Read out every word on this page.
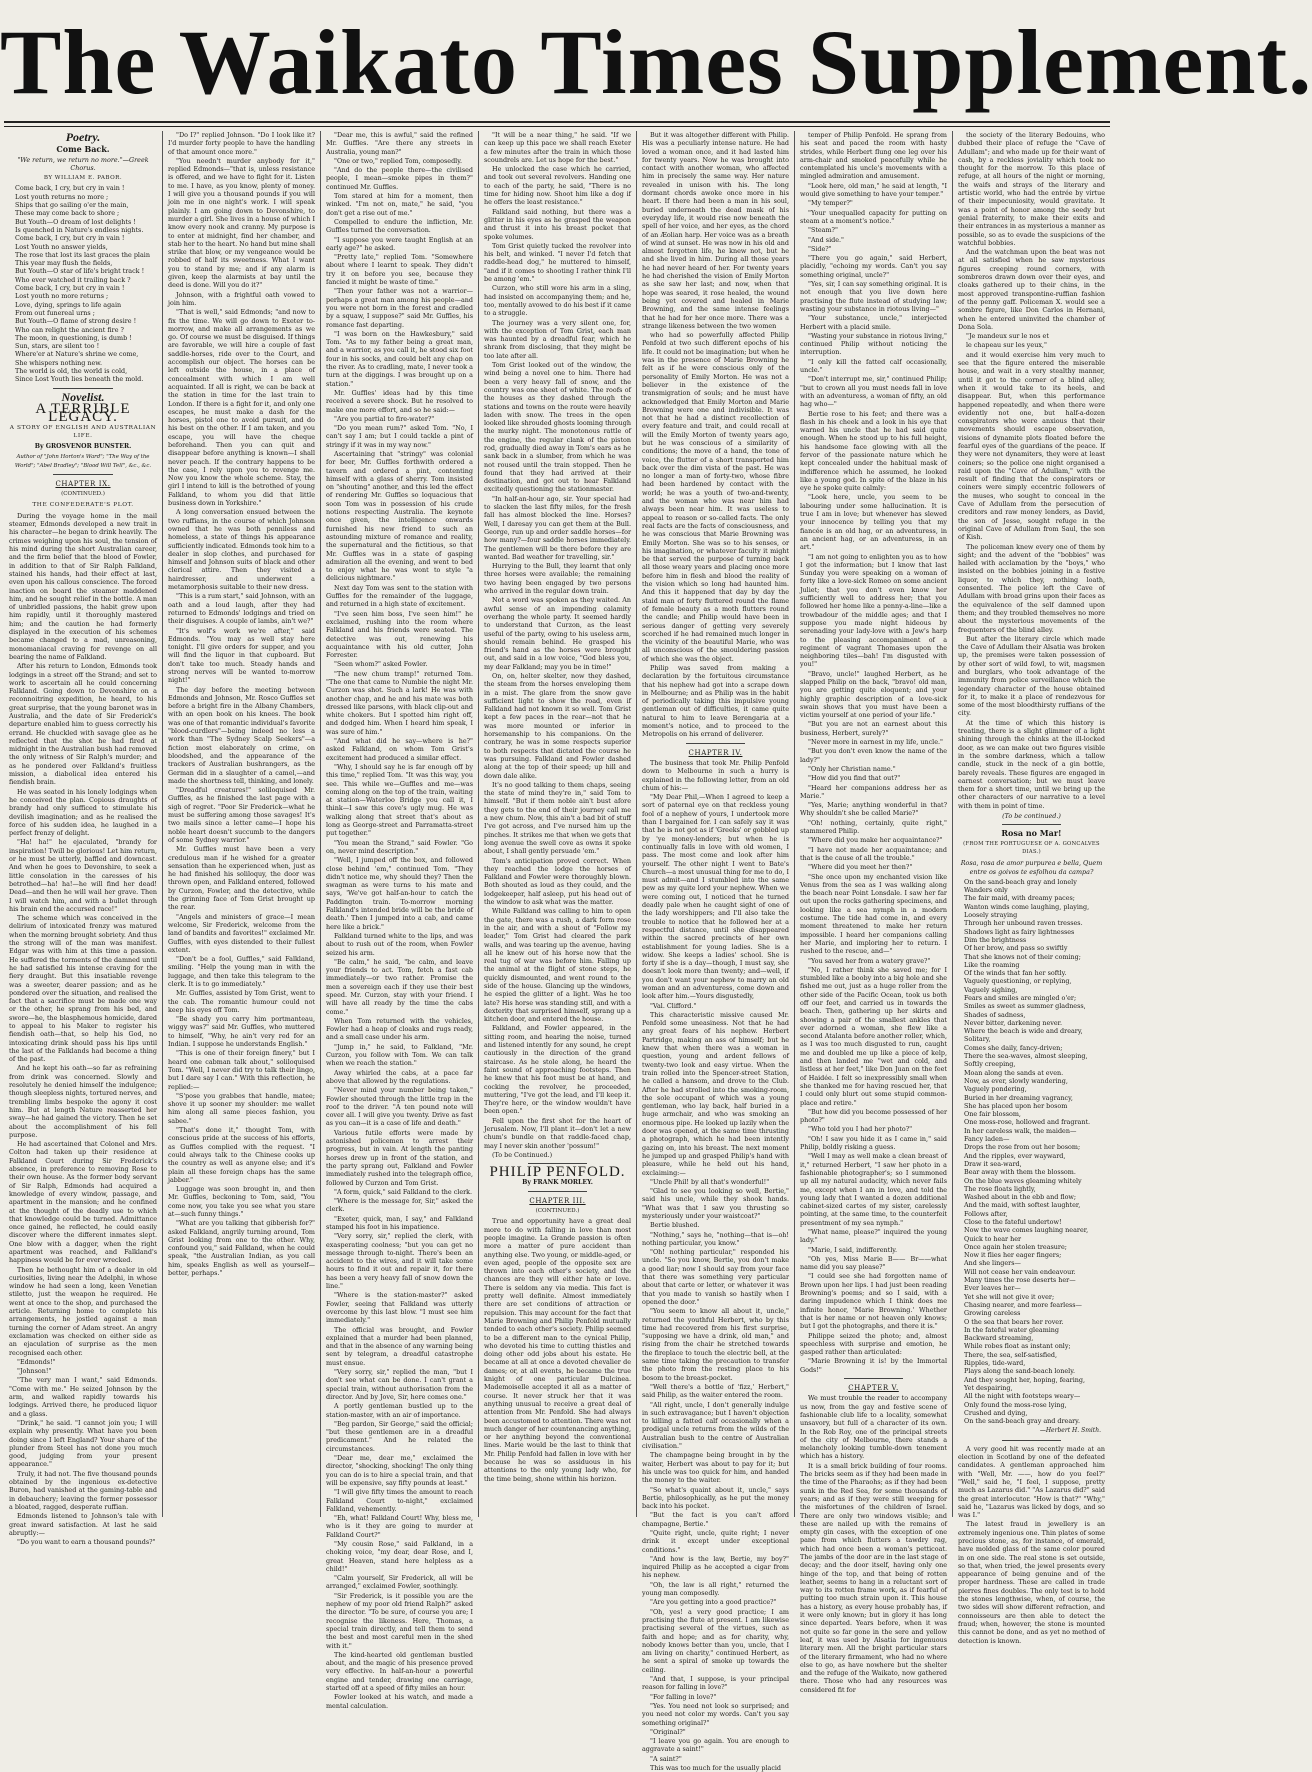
The Waikato Times Supplement.
Poetry.
Come Back.
"We return, we return no more."—Greek Chorus.
BY WILLIAM E. PABOR.
Come back, I cry, but cry in vain !
Lost youth returns no more ;
Ships that go sailing o'er the main,
These may come back to shore ;
But Youth—O dream of lost delights !
Is quenched in Nature's endless nights.
Come back, I cry, but cry in vain !
Lost Youth no answer yields,
The rose that lost its last graces the plain
This year may flush the fields,
But Youth—O star of life's bright track !
Who ever watched it trailing back ?
Come back, I cry, but cry in vain !
Lost youth no more returns ;
Love, dying, springs to life again
From out funereal urns ;
But Youth—O flame of strong desire !
Who can relight the ancient fire ?
The moon, in questioning, is dumb !
Sun, stars, are silent too !
Where'er at Nature's shrine we come,
She whispers nothing new.
The world is old, the world is cold,
Since Lost Youth lies beneath the mold.
Novelist.
A TERRIBLE LEGACY.
A STORY OF ENGLISH AND AUSTRALIAN LIFE.
By GROSVENOR BUNSTER.
Author of "John Horton's Ward"; "The Way of the World"; "Abel Bradley"; "Blood Will Tell", &c., &c.
CHAPTER IX.
(CONTINUED.)
THE CONFEDERATE'S PLOT.

During the voyage home in the mail steamer, Edmonds developed a new trait in his character—he began to drink heavily. The crimes weighing upon his soul, the tension of his mind during the short Australian career, and the firm belief that the blood of Fowler, in addition to that of Sir Ralph Falkland, stained his hands, had their effect at last, even upon his callous conscience. The forced inaction on board the steamer maddened him, and he sought relief in the bottle. A man of unbridled passions, the habit grew upon him rapidly, until it thoroughly mastered him; and the caution he had formerly displayed in the execution of his schemes became changed to a mad, unreasoning, monomaniacal craving for revenge on all bearing the name of Falkland.

After his return to London, Edmonds took lodgings in a street off the Strand; and set to work to ascertain all he could concerning Falkland. Going down to Devonshire on a reconnoitring expedition, he heard, to his great surprise, that the young baronet was in Australia, and the date of Sir Frederick's departure enabled him to guess correctly his errand. He chuckled with savage glee as he reflected that the shot he had fired at midnight in the Australian bush had removed the only witness of Sir Ralph's murder; and as he pondered over Falkland's fruitless mission, a diabolical idea entered his fiendish brain.

He was seated in his lonely lodgings when he conceived the plan. Copious draughts of brandy had only sufficed to stimulate his devilish imagination; and as he realised the force of his sudden idea, he laughed in a perfect frenzy of delight.

"Ha! ha!" he ejaculated, "brandy for inspiration! Twill be glorious! Let him return, or he must be utterly, baffled and downcast. And when he goes to Devonshire, to seek a little consolation in the caresses of his betrothed—ha! ha!—he will find her dead! Dead—and then he will wail her grave. Then I will watch him, and with a bullet through his brain end the accursed race!"

The scheme which was conceived in the delirium of intoxicated frenzy was matured when the morning brought sobriety. And thus the strong will of the man was manifest. Edgar was with him at this time a passion. He suffered the torments of the damned until he had satisfied his intense craving for the fiery draught. But this insatiable revenge was a sweeter, dearer passion; and as he pondered over the situation, and realised the fact that a sacrifice must be made one way or the other, he sprang from his bed, and swore—he, the blasphemous homicide, dared to appeal to his Maker to register his fiendish oath—that, so help his God, no intoxicating drink should pass his lips until the last of the Falklands had become a thing of the past.

And he kept his oath—so far as refraining from drink was concerned. Slowly and resolutely he denied himself the indulgence; though sleepless nights, tortured nerves, and trembling limbs bespoke the agony it cost him. But at length Nature reasserted her sway—he had gained the victory. Then he set about the accomplishment of his fell purpose.

He had ascertained that Colonel and Mrs. Colton had taken up their residence at Falkland Court during Sir Frederick's absence, in preference to removing Rose to their own house. As the former body servant of Sir Ralph, Edmonds had acquired a knowledge of every window, passage, and apartment in the mansion; and he confined at the thought of the deadly use to which that knowledge could be turned. Admittance once gained, he reflected, he could easily discover where the different inmates slept. One blow with a dagger, when the right apartment was reached, and Falkland's happiness would be for ever wrecked.

Then he bethought him of a dealer in old curiosities, living near the Adelphi, in whose window he had seen a long, keen Venetian stiletto, just the weapon he required. He went at once to the shop, and purchased the article. Returning home to complete his arrangements, he jostled against a man turning the corner of Adam street. An angry exclamation was checked on either side as an ejaculation of surprise as the men recognised each other.

"Edmonds!"

"Johnson!"

"The very man I want," said Edmonds. "Come with me." He seized Johnson by the arm, and walked rapidly towards his lodgings. Arrived there, he produced liquor and a glass.

"Drink," he said. "I cannot join you; I will explain why presently. What have you been doing since I left England? Your share of the plunder from Steel has not done you much good, judging from your present appearance."

Truly, it had not. The five thousand pounds obtained by the ingenious ex-detective Buron, had vanished at the gaming-table and in debauchery; leaving the former possessor a bloated, ragged, desperate ruffian.

Edmonds listened to Johnson's tale with great inward satisfaction. At last he said abruptly:—

"Do you want to earn a thousand pounds?"

"Do I?" replied Johnson. "Do I look like it? I'd murder forty people to have the handling of that amount once more."

"You needn't murder anybody for it," replied Edmonds—"that is, unless resistance is offered, and we have to fight for it. Listen to me. I have, as you know, plenty of money. I will give you a thousand pounds if you will join me in one night's work. I will speak plainly. I am going down to Devonshire, to murder a girl. She lives in a house of which I know every nook and cranny. My purpose is to enter at midnight, find her chamber, and stab her to the heart. No hand but mine shall strike that blow, or my vengeance would be robbed of half its sweetness. What I want you to stand by me; and if any alarm is given, keep the alarmists at bay until the deed is done. Will you do it?"

Johnson, with a frightful oath vowed to join him.

"That is well," said Edmonds; "and now to fix the time. We will go down to Exeter to-morrow, and make all arrangements as we go. Of course we must be disguised. If things are favorable, we will hire a couple of fast saddle-horses, ride over to the Court, and accomplish our object. The horses can be left outside the house, in a place of concealment with which I am well acquainted. If all is right, we can be back at the station in time for the last train to London. If there is a fight for it, and only one escapes, he must make a dash for the horses, pistol one to avoid pursuit, and do his best on the other. If I am taken, and you escape, you will have the cheque beforehand. Then you can quit and disappear before anything is known—I shall never peach. If the contrary happens to be the case, I rely upon you to revenge me. Now you know the whole scheme. Stay, the girl I intend to kill is the betrothed of young Falkland, to whom you did that little business down in Yorkshire."

A long conversation ensued between the two ruffians, in the course of which Johnson owned that he was both penniless and homeless, a state of things his appearance sufficiently indicated. Edmonds took him to a dealer in slop clothes, and purchased for himself and Johnson suits of black and other clerical attire. Then they visited a hairdresser, and underwent a metamorphosis suitable to their new dress.

"This is a rum start," said Johnson, with an oath and a loud laugh, after they had returned to Edmonds' lodgings and tried on their disguises. A couple of lambs, ain't we?"

"It's wolf's work we're after," said Edmonds. "You may as well stay here tonight. I'll give orders for supper, and you will find the liquor in that cupboard. But don't take too much. Steady hands and strong nerves will be wanted to-morrow night!"

The day before the meeting between Edmonds and Johnson, Mr. Rosco Guffles set before a bright fire in the Albany Chambers, with an open book on his knees. The book was one of that romantic individual's favorite "blood-curdlers"—being indeed no less a work than "The Sydney Scalp Seekers"—a fiction most elaborately on crime, on bloodshed, and the appearance of the trackers of Australian bushrangers, as the German did in a slaughter of a camel,—and made the shortness tell, thinking, and lonely.

"Dreadful creatures!" soliloquised Mr. Guffles, as he finished the last page with a sigh of regret. "Poor Sir Frederick—what he must be suffering among those savages! It's two mails since a letter came—I hope his noble heart doesn't succumb to the dangers of some Sydney warrior."

Mr. Guffles must have been a very credulous man if he wished for a greater sensation than he experienced when, just as he had finished his soliloquy, the door was thrown open, and Falkland entered, followed by Curzon, Fowler, and the detective, while the grinning face of Tom Grist brought up the rear.

"Angels and ministers of grace—I mean welcome, Sir Frederick, welcome from the land of bandits and favorites!" exclaimed Mr. Guffles, with eyes distended to their fullest extent.

"Don't be a fool, Guffles," said Falkland, smiling. "Help the young man in with the luggage, and then take this telegram to the clerk. It is to go immediately."

Mr. Guffles, assisted by Tom Grist, went to the cab. The romantic humour could not keep his eyes off Tom.

"Be shady you carry him portmanteau, wiggy was?" said Mr. Guffles, who muttered to himself, "Why, he ain't very red for an Indian. I suppose he understands English."

"This is one of their foreign finery," but I heard one cabman talk about," soliloquised Tom. "Well, I never did try to talk their lingo, but I dare say I can." With this reflection, he replied:—

"S'pose you grabbes that handle, matee; shove it up sooner my shoulder: me wallet him along all same pieces fashion, you sabee."

"That's done it," thought Tom, with conscious pride at the success of his efforts, as Guffles complied with the request. "I could always talk to the Chinese cooks up the country as well as anyone else; and it's plain all these foreign chaps has the same jabber."

Luggage was soon brought in, and then Mr. Guffles, beckoning to Tom, said, "You come now, you take you see what you stare at—such funny things."

"What are you talking that gibberish for?" asked Falkland, angrily turning around, Tom Grist looking from one to the other. Why, confound you," said Falkland, when he could speak, "the Australian Indian, as you call him, speaks English as well as yourself—better, perhaps."

"Dear me, this is awful," said the refined Mr. Guffles. "Are there any streets in Australia, young man?"

"One or two," replied Tom, composedly.

"And do the people there—the civilised people, I mean—smoke pipes in them?" continued Mr. Guffles.

Tom stared at him for a moment, then winked. "I'm not on, mate," he said, "you don't get a rise out of me."

Compelled to endure the infliction, Mr. Guffles turned the conversation.

"I suppose you were taught English at an early age?" he asked.

"Pretty late," replied Tom. "Somewhere about where I learnt to speak. They didn't try it on before you see, because they fancied it might be waste of time."

"Then your father was not a warrior—perhaps a great man among his people—and you were not born in the forest and cradled by a squaw, I suppose?" said Mr. Guffles, his romance fast departing.

"I was born on the Hawkesbury," said Tom. "As to my father being a great man, and a warrior, as you call it, he stood six foot four in his socks, and could belt any chap on the river. As to cradling, mate, I never took a turn at the diggings. I was brought up on a station."

Mr. Guffles' ideas had by this time received a severe shock. But he resolved to make one more effort, and so he said:—

"Are you partial to fire-water?"

"Do you mean rum?" asked Tom. "No, I can't say I am; but I could tackle a pint of stringy if it was in my way now."

Ascertaining that "stringy" was colonial for beer, Mr. Guffles forthwith ordered a tavern and ordered a pint, contenting himself with a glass of sherry. Tom insisted on "shouting" another, and this led the effect of rendering Mr. Guffles so loquacious that soon Tom was in possession of his crude notions respecting Australia. The keynote once given, the intelligence onwards furnished his new friend to such an astounding mixture of romance and reality, the supernatural and the fictitious, so that Mr. Guffles was in a state of gasping admiration all the evening, and went to bed to enjoy what he was wont to style "a delicious nightmare."

Next day Tom was sent to the station with Guffles for the remainder of the luggage, and returned in a high state of excitement.

"I've seen him boss, I've seen him!" he exclaimed, rushing into the room where Falkland and his friends were seated. The detective was out, renewing his acquaintance with his old cutter, John Forrester.

"Seen whom?" asked Fowler.

"The new chum tramp!" returned Tom. "The one that came to Numbie the night Mr. Curzon was shot. Such a lark! He was with another chap, and he and his mate was both dressed like parsons, with black clip-out and white chokers. But I spotted him right off, and dodged him. When I heard him speak, I was sure of him."

"And what did he say—where is he?" asked Falkland, on whom Tom Grist's excitement had produced a similar effect.

"Why, I should say he is far enough off by this time," replied Tom. "It was this way, you see. This while we—Guffles and me—was coming along on the top of the train, waiting at station—Waterloo Bridge you call it, I think—I saw this cove's ugly mug. He was walking along that street that's about as long as George-street and Parramatta-street put together."

"You mean the Strand," said Fowler. "Go on, never mind description."

"Well, I jumped off the box, and followed close behind 'em," continued Tom. "They didn't notice me, why should they? Then the swagman as were turns to his mate and says, 'We've got half-an-hour to catch the Paddington train. To-morrow morning Falkland's intended bride will be the bride of death.' Then I jumped into a cab, and came here like a brick."

Falkland turned white to the lips, and was about to rush out of the room, when Fowler seized his arm.

"Be calm," he said, "be calm, and leave your friends to act. Tom, fetch a fast cab immediately—or two rather. Promise the men a sovereign each if they use their best speed. Mr. Curzon, stay with your friend. I will have all ready by the time the cabs come."

When Tom returned with the vehicles, Fowler had a heap of cloaks and rugs ready, and a small case under his arm.

"Jump in," he said, to Falkland, "Mr. Curzon, you follow with Tom. We can talk when we reach the station."

Away whirled the cabs, at a pace far above that allowed by the regulations.

"Never mind your number being taken," Fowler shouted through the little trap in the roof to the driver. "A ten pound note will cover all. I will give you twenty. Drive as fast as you can—it is a case of life and death."

Various futile efforts were made by astonished policemen to arrest their progress, but in vain. At length the panting horses drew up in front of the station, and the party sprang out, Falkland and Fowler immediately rushed into the telegraph office, followed by Curzon and Tom Grist.

"A form, quick," said Falkland to the clerk.

"Where is the message for, Sir," asked the clerk.

"Exeter, quick, man, I say," and Falkland stamped his foot in his impatience.

"Very sorry, sir," replied the clerk, with exasperating coolness; "but you can get no message through to-night. There's been an accident to the wires, and it will take some hours to find it out and repair it, for there has been a very heavy fall of snow down the line."

"Where is the station-master?" asked Fowler, seeing that Falkland was utterly overcome by this last blow. "I must see him immediately."

The official was brought, and Fowler explained that a murder had been planned, and that in the absence of any warning being sent by telegram, a dreadful catastrophe must ensue.

"Very sorry, sir," replied the man, "but I don't see what can be done. I can't grant a special train, without authorisation from the director. And by Jove, Sir, here comes one."

A portly gentleman bustled up to the station-master, with an air of importance.

"Beg pardon, Sir George," said the official; "but these gentlemen are in a dreadful predicament." And he related the circumstances.

"Dear me, dear me," exclaimed the director, "shocking, shocking! The only thing you can do is to hire a special train, and that will be expensive, say fifty pounds at least."

"I will give fifty times the amount to reach Falkland Court to-night," exclaimed Falkland, vehemently.

"Eh, what! Falkland Court! Why, bless me, who is it they are going to murder at Falkland Court?"

"My cousin Rose," said Falkland, in a choking voice, "my dear, dear Rose, and I, great Heaven, stand here helpless as a child!"

"Calm yourself, Sir Frederick, all will be arranged," exclaimed Fowler, soothingly.

"Sir Frederick, is it possible you are the nephew of my poor old friend Ralph?" asked the director. "To be sure, of course you are; I recognise the likeness. Here, Thomas, a special train directly, and tell them to send the best and most careful men in the shed with it."

The kind-hearted old gentleman bustled about, and the magic of his presence proved very effective. In half-an-hour a powerful engine and tender, drawing one carriage, started off at a speed of fifty miles an hour.

Fowler looked at his watch, and made a mental calculation.

"It will be a near thing," he said. "If we can keep up this pace we shall reach Exeter a few minutes after the train in which those scoundrels are. Let us hope for the best."

He unlocked the case which he carried, and took out several revolvers. Handing one to each of the party, he said, "There is no time for hiding now. Shoot him like a dog if he offers the least resistance."

Falkland said nothing, but there was a glitter in his eyes as he grasped the weapon and thrust it into his breast pocket that spoke volumes.

Tom Grist quietly tucked the revolver into his belt, and winked. "I never I'd fetch that raddle-head dog," he muttered to himself, "and if it comes to shooting I rather think I'll be among 'em."

Curzon, who still wore his arm in a sling, had insisted on accompanying them; and he, too, mentally avowed to do his best if it came to a struggle.

The journey was a very silent one, for, with the exception of Tom Grist, each man was haunted by a dreadful fear, which he shrank from disclosing, that they might be too late after all.

Tom Grist looked out of the window, the wind being a novel one to him. There had been a very heavy fall of snow, and the country was one sheet of white. The roofs of the houses as they dashed through the stations and towns on the route were heavily laden with snow. The trees in the open looked like shrouded ghosts looming through the murky night. The monotonous rattle of the engine, the regular clank of the piston rod, gradually died away in Tom's ears as he sank back in a slumber, from which he was not roused until the train stopped. Then he found that they had arrived at their destination, and got out to hear Falkland excitedly questioning the stationmaster.

"In half-an-hour ago, sir. Your special had to slacken the last fifty miles, for the fresh fall has almost blocked the line. Horses? Well, I daresay you can get them at the Bull. George, run up and order saddle horses—for how many?—four saddle horses immediately. The gentlemen will be there before they are wanted. Bad weather for travelling, sir."

Hurrying to the Bull, they learnt that only three horses were available; the remaining two having been engaged by two persons who arrived in the regular down train.

Not a word was spoken as they waited. An awful sense of an impending calamity overhang the whole party. It seemed hardly to understand that Curzon, as the least useful of the party, owing to his useless arm, should remain behind. He grasped his friend's hand as the horses were brought out, and said in a low voice, "God bless you, my dear Falkland; may you be in time!"

On, on, helter skelter, now they dashed, the steam from the horses enveloping them in a mist. The glare from the snow gave sufficient light to show the road, even if Falkland had not known it so well. Tom Grist kept a few paces in the rear—not that he was more mounted or inferior in horsemanship to his companions. On the contrary, he was in some respects superior to both respects that dictated the course he was pursuing. Falkland and Fowler dashed along at the top of their speed; up hill and down dale alike.

It's no good talking to them chaps, seeing the state of mind they're in," said Tom to himself. "But if them noble ain't bust afore they gets to the end of their journey call me a new chum. Now, this ain't a bad bit of stuff I've got across, and I've nursed him up the pinches. It strikes me that when we gets that long avenue the swell cove as owns it spoke about, I shall gently persuade 'em."

Tom's anticipation proved correct. When they reached the lodge the horses of Falkland and Fowler were thoroughly blown. Both shouted as loud as they could, and the lodgekeeper, half asleep, put his head out of the window to ask what was the matter.

While Falkland was calling to him to open the gate, there was a rush, a dark form rose in the air, and with a shout of "Follow my leader," Tom Grist had cleared the park walls, and was tearing up the avenue, having all he knew out of his horse now that the real tug of war was before him. Falling up the animal at the flight of stone steps, he quickly dismounted, and went round to the side of the house. Glancing up the windows, he espied the glitter of a light. Was he too late? His horse was standing still, and with a dexterity that surprised himself, sprang up a kitchen door, and entered the house.

Falkland, and Fowler appeared, in the sitting room, and hearing the noise, turned and listened intently for any sound, he crept cautiously in the direction of the grand staircase. As he stole along, he heard the faint sound of approaching footsteps. Then he knew that his foot must be at hand, and cocking the revolver, he proceeded, muttering, "I've got the lead, and I'll keep it. They're here, or the window wouldn't have been open."

Fell upon the first shot for the heart of Jerusalem. Now, I'll plant it—don't let a new chum's bundle on that raddle-faced chap, may I never skin another 'possum!"

(To be Continued.)

PHILIP PENFOLD.
By FRANK MORLEY.
CHAPTER III.
(CONTINUED.)

True and opportunity have a great deal more to do with falling in love than most people imagine. La Grande passion is often more a matter of pure accident than anything else. Two young, or middle-aged, or even aged, people of the opposite sex are thrown into each other's society, and the chances are they will either hate or love. There is seldom any via media. This fact is pretty well definite. Almost immediately there are set conditions of attraction or repulsion. This may account for the fact that Marie Browning and Philip Penfold mutually tended to each other's society. Philip seemed to be a different man to the cynical Philip, who devoted his time to cutting thistles and doing other odd jobs about his estate. He became at all at once a devoted chevalier de dames; or, at all events, he became the true knight of one particular Dulcinea. Mademoiselle accepted it all as a matter of course. It never struck her that it was anything unusual to receive a great deal of attention from Mr. Penfold. She had always been accustomed to attention. There was not much danger of her countenancing anything, or her anything beyond the conventional lines. Marie would be the last to think that Mr. Philip Penfold had fallen in love with her because he was so assiduous in his attentions to the only young lady who, for the time being, shone within his horizon.

But it was altogether different with Philip. His was a peculiarly intense nature. He had loved a woman once, and it had lasted him for twenty years. Now he was brought into contact with another woman, who affected him in precisely the same way. Her nature revealed in unison with his. The long dormant chords awoke once more in his heart. If there had been a man in his soul, buried underneath the dead mask of his everyday life, it would rise now beneath the spell of her voice, and her eyes, as the chord of an Æolian harp. Her voice was as a breath of wind at sunset. He was now in his old and almost forgotten life, he knew not, but he and she lived in him. During all those years he had never heard of her. For twenty years he had cherished the vision of Emily Morton as she saw her last; and now, when that hope was seared, it rose healed, the wound being yet covered and healed in Marie Browning, and the same intense feelings that he had for her once more. There was a strange likeness between the two women

who had so powerfully affected Philip Penfold at two such different epochs of his life. It could not be imagination; but when he was in the presence of Marie Browning he felt as if he were conscious only of the personality of Emily Morton. He was not a believer in the existence of the transmigration of souls; and he must have acknowledged that Emily Morton and Marie Browning were one and indivisible. It was not that he had a distinct recollection of every feature and trait, and could recall at will the Emily Morton of twenty years ago, but he was conscious of a similarity of conditions; the move of a hand, the tone of voice, the flutter of a short transported him back over the dim vista of the past. He was no longer a man of forty-two, whose fibre had been hardened by contact with the world; he was a youth of two-and-twenty, and the woman who was near him had always been near him. It was useless to appeal to reason or so-called facts. The only real facts are the facts of consciousness, and he was conscious that Marie Browning was Emily Morton. She was so to his senses, or his imagination, or whatever faculty it might be that served the purpose of turning back all those weary years and placing once more before him in flesh and blood the reality of the vision which so long had haunted him. And this it happened that day by day the staid man of forty fluttered round the flame of female beauty as a moth flutters round the candle; and Philip would have been in serious danger of getting very severely scorched if he had remained much longer in the vicinity of the beautiful Marie, who was all unconscious of the smouldering passion of which she was the object.

Philip was saved from making a declaration by the fortuitous circumstance that his nephew had got into a scrape down in Melbourne; and as Philip was in the habit of periodically taking this impulsive young gentleman out of difficulties, it came quite natural to him to leave Berengaria at a moment's notice, and to proceed to the Metropolis on his errand of deliverer.

CHAPTER IV.

The business that took Mr. Philip Penfold down to Melbourne in such a hurry is explained in the following letter, from an old chum of his:—

"My Dear Phil,—When I agreed to keep a sort of paternal eye on that reckless young fool of a nephew of yours, I undertook more than I bargained for. I can safely say it was that he is not got as if 'Greeks' or gobbled up by 'ye money-lenders; but when he is continually falls in love with old women, I pass. The most come and look after him yourself. The other night I went to Bate's Church—a most unusual thing for me to do, I must admit—and I stumbled into the same pew as my quite lord your nephew. When we were coming out, I noticed that he turned deadly pale when he caught sight of one of the lady worshippers; and I'll also take the trouble to notice that he followed her at a respectful distance, until she disappeared within the sacred precincts of her own establishment for young ladies. She is a widow. She keeps a ladies' school. She is forty if she is a day—though, I must say, she doesn't look more than twenty; and—well, if you don't want your nephew to marry an old woman and an adventuress, come down and look after him.—Yours disgustedly,

"Val. Clifford."

This characteristic missive caused Mr. Penfold some uneasiness. Not that he had any great fears of his nephew. Herbert Partridge, making an ass of himself; but he knew that when there was a woman in question, young and ardent fellows of twenty-two look and easy virtue. When the train rolled into the Spencer-street Station, he called a hansom, and drove to the Club. After he had strolled into the smoking-room, the sole occupant of which was a young gentleman, who lay back, half buried in a huge armchair, and who was smoking an enormous pipe. He looked up lazily when the door was opened, at the same time thrusting a photograph, which he had been intently gazing on, into his breast. The next moment he jumped up and grasped Philip's hand with pleasure, while he held out his hand, exclaiming:—

"Uncle Phil! by all that's wonderful!"

"Glad to see you looking so well, Bertie," said his uncle, while they shook hands. "What was that I saw you thrusting so mysteriously under your waistcoat?"

Bertie blushed.

"Nothing," says he, "nothing—that is—oh! nothing particular, you know."

"Oh! nothing particular," responded his uncle. "So you know, Bertie, you don't make a good liar; now I should say from your face that there was something very particular about that carte or letter, or whatever it was that you made to vanish so hastily when I opened the door."

"You seem to know all about it, uncle," returned the youthful Herbert, who by this time had recovered from his first surprise, "supposing we have a drink, old man," and rising from the chair he stretched towards the fireplace to touch the electric bell, at the same time taking the precaution to transfer the photo from the resting place to his bosom to the breast-pocket.

"Well there's a bottle of 'fizz,' Herbert," said Philip, as the waiter entered the room.

"All right, uncle, I don't generally indulge in such extravagance; but I haven't objection to killing a fatted calf occasionally when a prodigal uncle returns from the wilds of the Australian bush to the centre of Australian civilisation."

The champagne being brought in by the waiter, Herbert was about to pay for it; but his uncle was too quick for him, and handed the money to the waiter.

"So what's quaint about it, uncle," says Bertie, philosophically, as he put the money back into his pocket.

"But the fact is you can't afford champagne, Bertie."

"Quite right, uncle, quite right; I never drink it except under exceptional conditions."

"And how is the law, Bertie, my boy?" inquired Philip as he accepted a cigar from his nephew.

"Oh, the law is all right," returned the young man composedly.

"Are you getting into a good practice?"

"Oh, yes! a very good practice; I am practising the flute at present. I am likewise practising several of the virtues, such as faith and hope; and as for charity, why, nobody knows better than you, uncle, that I am living on charity," continued Herbert, as he sent a spiral of smoke up towards the ceiling.

"And that, I suppose, is your principal reason for falling in love?"

"For falling in love?"

"Yes. You need not look so surprised; and you need not color my words. Can't you say something original?"

"Original?"

"I leave you go again. You are enough to aggravate a saint!"

"A saint?"

This was too much for the usually placid

temper of Philip Penfold. He sprang from his seat and paced the room with hasty strides, while Herbert flung one leg over his arm-chair and smoked peacefully while he contemplated his uncle's movements with a mingled admiration and amusement.

"Look here, old man," he said at length, "I would give something to have your temper."

"My temper?"

"Your unequalled capacity for putting on steam at a moment's notice."

"Steam?"

"And side."

"Side?"

"There you go again," said Herbert, placidly, "echoing my words. Can't you say something original, uncle?"

"Yes, sir, I can say something original. It is not enough that you live down here practising the flute instead of studying law; wasting your substance in riotous living—"

"Your substance, uncle," interjected Herbert with a placid smile.

"Wasting your substance in riotous living," continued Philip without noticing the interruption.

"I only kill the fatted calf occasionally, uncle."

"Don't interrupt me, sir," continued Philip; "but to crown all you must needs fall in love with an adventuress, a woman of fifty, an old hag who—"

Bertie rose to his feet; and there was a flash in his cheek and a look in his eye that warned his uncle that he had said quite enough. When he stood up to his full height, his handsome face glowing with all the fervor of the passionate nature which he kept concealed under the habitual mask of indifference which he assumed, he looked like a young god. In spite of the blaze in his eye he spoke quite calmly:

"Look here, uncle, you seem to be labouring under some hallucination. It is true I am in love; but whenever has slewed your innocence by telling you that my fiancée is an old hag, or an adventuress, in an ancient hag, or an adventuress, in an art."

"I am not going to enlighten you as to how I got the information; but I know that last Sunday you were speaking on a woman of forty like a love-sick Romeo on some ancient Juliet; that you don't even know her sufficiently well to address her; that you followed her home like a penny-a-line—like a trowbadour of the middle ages; and that I suppose you made night hideous by serenading your lady-love with a Jew's harp to the pleasing accompaniment of a regiment of vagrant Thomases upon the neighboring tiles—bah! I'm disgusted with you!"

"Bravo, uncle!" laughed Herbert, as he slapped Philip on the back, "bravo! old man, you are getting quite eloquent; and your highly graphic description of a love-sick swain shows that you must have been a victim yourself at one period of your life."

"But you are not an earnest about this business, Herbert, surely?"

"Never more in earnest in my life, uncle."

"But you don't even know the name of the lady?"

"Only her Christian name."

"How did you find that out?"

"Heard her companions address her as Marie."

"Yes, Marie; anything wonderful in that? Why shouldn't she be called Marie?"

"Oh! nothing, certainly, quite right," stammered Philip.

"Where did you make her acquaintance?"

"I have not made her acquaintance; and that is the cause of all the trouble."

"Where did you meet her then?"

"She once upon my enchanted vision like Venus from the sea as I was walking along the beach near Point Lonsdale. I saw her far out upon the rocks gathering specimens, and looking like a sea nymph in a modern costume. The tide had come in, and every moment threatened to make her return impossible. I heard her companions calling her Marie, and imploring her to return. I rushed to the rescue, and—"

"You saved her from a watery grave?"

"No, I rather think she saved me; for I stumbled like a booby into a big hole and she fished me out, just as a huge roller from the other side of the Pacific Ocean, took us both off our feet, and carried us in towards the beach. Then, gathering up her skirts and showing a pair of the smallest ankles that ever adorned a woman, she flew like a second Atalanta before another roller, which, as I was too much disgusted to run, caught me and doubled me up like a piece of kelp, and then landed me "wet and cold, and listless at her feet," like Don Juan on the feet of Haidée. I felt so inexpressibly small when she thanked me for having rescued her, that I could only blurt out some stupid common-place and retire."

"But how did you become possessed of her photo?"

"Who told you I had her photo?"

"Oh! I saw you hide it as I came in," said Philip, boldly risking a guess.

"Well I may as well make a clean breast of it," returned Herbert, "I saw her photo in a fashionable photographer's; so I summoned up all my natural audacity, which never fails me, except when I am in love, and told the young lady that I wanted a dozen additional cabinet-sized cartes of my sister, carelessly pointing, at the same time, to the counterfeit presentment of my sea nymph."

"What name, please?" inquired the young lady."

"Marie, I said, indifferently.

"Oh yes, Miss Marie B—— Br——what name did you say please?"

"I could see she had forgotten name of Brown upon her lips. I had just been reading Browning's poems; and so I said, with a daring impudence which I think does me infinite honor, 'Marie Browning.' Whether that is her name or not heaven only knows; but I got the photographs, and there it is."

Philippe seized the photo; and, almost speechless with surprise and emotion, he gasped rather than articulated:

"Marie Browning it is! by the Immortal Gods!"

CHAPTER V.

We must trouble the reader to accompany us now, from the gay and festive scene of fashionable club life to a locality, somewhat unsavory, but full of a character of its own. In the Rob Roy, one of the principal streets of the city of Melbourne, there stands a melancholy looking tumble-down tenement which has a history.

It is a small brick building of four rooms. The bricks seem as if they had been made in the time of the Pharaohs; as if they had been sunk in the Red Sea, for some thousands of years; and as if they were still weeping for the misfortunes of the children of Israel. There are only two windows visible; and these are nailed up with the remains of empty gin cases, with the exception of one pane from which flutters a tawdry rag, which had once been a woman's petticoat. The jambs of the door are in the last stage of decay; and the door itself, having only one hinge of the top, and that being of rotten leather, seems to hang in a reluctant sort of way to its rotten frame work, as if fearful of putting too much strain upon it. This house has a history, as every house probably has, if it were only known; but in glory it has long since departed. Years before, when it was not quite so far gone in the sere and yellow leaf, it was used by Alsatia for ingenuous literary men. All the bright particular stars of the literary firmament, who had no where else to go, as have nowhere but the shelter and the refuge of the Waikato, now gathered there. Those who had any resources was considered fit for

the society of the literary Bedouins, who dubbed their place of refuge the "Cave of Adullam"; and who made up for their want of cash, by a reckless joviality which took no thought for the morrow. To this place of refuge, at all hours of the night or morning, the waifs and strays of the literary and artistic world, who had the entrée by virtue of their impecuniosity, would gravitate. It was a point of honor among the seedy but genial fraternity, to make their exits and their entrances in as mysterious a manner as possible, so as to evade the suspicions of the watchful bobbies.

And the watchman upon the beat was not at all satisfied when he saw mysterious figures creeping round corners, with sombreros drawn down over their eyes, and cloaks gathered up to their chins, in the most approved transpontine-ruffian fashion of the penny gaff. Policeman X. would see a sombre figure, like Don Carlos in Hernani, when he entered uninvited the chamber of Dona Sola.

"Je mandeux sur le nos et

le chapeau sur les yeux,"

and it would exercise him very much to see that the figure entered the miserable house, and wait in a very stealthy manner, until it got to the corner of a blind alley, when it would take to its heels, and disappear. But, when this performance happened repeatedly, and when there were evidently not one, but half-a-dozen conspirators who were anxious that their movements should escape observation, visions of dynamite plots floated before the fearful eyes of the guardians of the peace. If they were not dynamiters, they were at least coiners; so the police one night organised a raid upon the "Cave of Adullam," with the result of finding that the conspirators or coiners were simply eccentric followers of the muses, who sought to conceal in the Cave of Adullam from the persecution of creditors and raw money lenders, as David, the son of Jesse, sought refuge in the original Cave of Adullam from Saul, the son of Kish.

The policeman knew every one of them by sight; and the advent of the "bobbies" was hailed with acclamation by the "boys," who insisted on the bobbies joining in a festive liquor, to which they, nothing loath, consented. The police left the Cave of Adullam with broad grins upon their faces as the equivalence of the self damned upon them; and they troubled themselves no more about the mysterious movements of the frequenters of the blind alley.

But after the literary circle which made the Cave of Adullam their Alsatia was broken up, the premises were taken possession of by other sort of wild fowl, to wit, magsmen and burglars, who took advantage of the immunity from police surveillance which the legendary character of the house obtained for it, to make it a place of rendezvous for some of the most bloodthirsty ruffians of the city.

At the time of which this history is treating, there is a slight glimmer of a light shining through the chinks at the ill-locked door, as we can make out two figures visible in the sombre darkness, which a tallow candle, stuck in the neck of a gin bottle, barely reveals. These figures are engaged in earnest conversation; but we must leave them for a short time, until we bring up the other characters of our narrative to a level with them in point of time.

(To be continued.)
Rosa no Mar!
(FROM THE PORTUGUESE OF A. GONCALVES DIAS.)
Rosa, rosa de amor purpurea e bella, Quem entre os goivos te esfolhou da campa?
On the sand-beach gray and lonely
Wanders only
The fair maid, with dreamy paces;
Wanton winds come laughing, playing,
Loosely straying
Through her unbound raven tresses.
Shadows light as fairy lightnesses
Dim the brightness
Of her brow, and pass so swiftly
That she knows not of their coming;
Like the roaming
Of the winds that fan her softly.
Vaguely questioning, or replying,
Vaguely sighing,
Fears and smiles are mingled o'er;
Smiles as sweet as summer gladness,
Shades of sadness,
Never bitter, darkening never.
Where the beach is wide and dreary,
Solitary,
Comes she daily, fancy-driven;
There the sea-waves, almost sleeping,
Softly creeping,
Moan along the sands at even.
Now, as ever, slowly wandering,
Vaguely pondering,
Buried in her dreaming vagrancy,
She has placed upon her bosom
One fair blossom,
One moss-rose, hollowed and fragrant.
In her careless walk, the maiden—
Fancy laden—
Drops the rose from out her bosom;
And the ripples, ever wayward,
Draw it sea-ward,
Bear away with them the blossom.
On the blue waves gleaming whitely
The rose floats lightly,
Washed about in the ebb and flow;
And the maid, with softest laughter,
Follows after,
Close to the fateful undertow!
Now the wave comes laughing nearer,
Quick to hear her
Once again her stolen treasure;
Now it flies her eager fingers;
And she lingers—
Will not cease her vain endeavour.
Many times the rose deserts her—
Ever leaves her—
Yet she will not give it over;
Chasing nearer, and more fearless—
Growing careless
O the sea that bears her rover.
In the fateful water gleaming
Backward streaming,
While robes float as instant only;
There, the sea, self-satisfied,
Ripples, tide-ward,
Plays along the sand-beach lonely.
And they sought her, hoping, fearing,
Yet despairing,
All the night with footsteps weary—
Only found the moss-rose lying,
Crushed and dying,
On the sand-beach gray and dreary.
—Herbert H. Smith.

A very good hit was recently made at an election in Scotland by one of the defeated candidates. A gentleman approached him with "Well, Mr. ——, how do you feel?" "Well," said he, "I feel, I suppose, pretty much as Lazarus did." "As Lazarus did?" said the great interlocutor. "How is that?" "Why," said he, "Lazarus was licked by dogs, and so was I."

The latest fraud in jewellery is an extremely ingenious one. Thin plates of some precious stone, as, for instance, of emerald, have molded glass of the same color poured in on one side. The real stone is set outside, so that, when tried, the jewel presents every appearance of being genuine and of the proper hardness. These are called in trade pierres fines doubles. The only test is to hold the stones lengthwise, when, of course, the two sides will show different refraction, and connoisseurs are then able to detect the fraud; when, however, the stone is mounted this cannot be done, and as yet no method of detection is known.
